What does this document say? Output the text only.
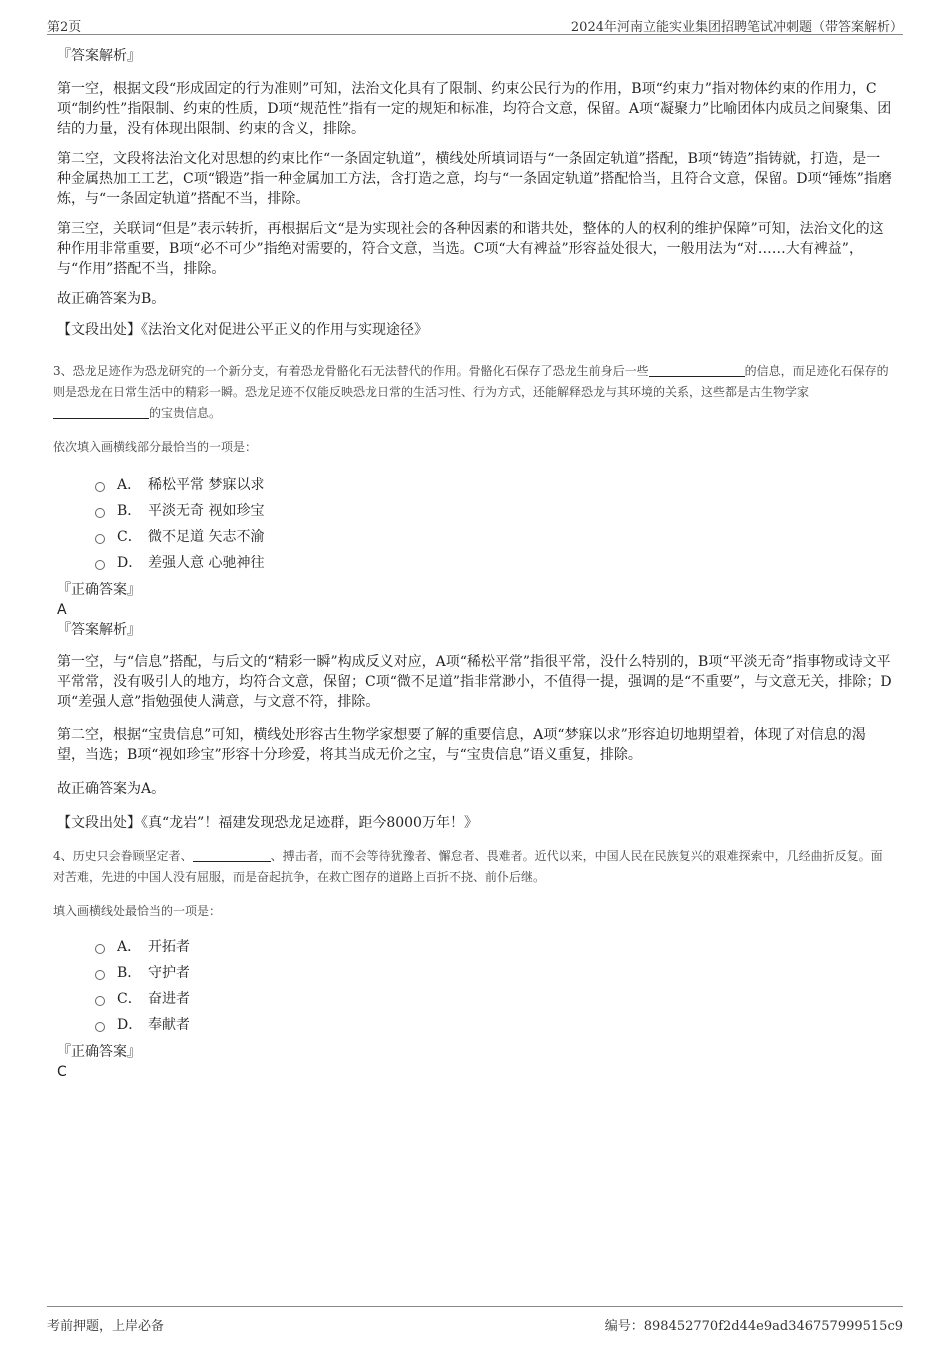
第2页	2024年河南立能实业集团招聘笔试冲刺题（带答案解析）

『答案解析』

第一空，根据文段“形成固定的行为准则”可知，法治文化具有了限制、约束公民行为的作用，B项“约束力”指对物体约束的作用力，C项“制约性”指限制、约束的性质，D项“规范性”指有一定的规矩和标准，均符合文意，保留。A项“凝聚力”比喻团体内成员之间聚集、团结的力量，没有体现出限制、约束的含义，排除。

第二空，文段将法治文化对思想的约束比作“一条固定轨道”，横线处所填词语与“一条固定轨道”搭配，B项“铸造”指铸就，打造，是一种金属热加工工艺，C项“锻造”指一种金属加工方法，含打造之意，均与“一条固定轨道”搭配恰当，且符合文意，保留。D项“锤炼”指磨炼，与“一条固定轨道”搭配不当，排除。

第三空，关联词“但是”表示转折，再根据后文“是为实现社会的各种因素的和谐共处，整体的人的权利的维护保障”可知，法治文化的这种作用非常重要，B项“必不可少”指绝对需要的，符合文意，当选。C项“大有裨益”形容益处很大，一般用法为“对……大有裨益”，与“作用”搭配不当，排除。

故正确答案为B。

【文段出处】《法治文化对促进公平正义的作用与实现途径》

3、恐龙足迹作为恐龙研究的一个新分支，有着恐龙骨骼化石无法替代的作用。骨骼化石保存了恐龙生前身后一些	的信息，而足迹化石保存的则是恐龙在日常生活中的精彩一瞬。恐龙足迹不仅能反映恐龙日常的生活习性、行为方式，还能解释恐龙与其环境的关系，这些都是古生物学家的宝贵信息。

依次填入画横线部分最恰当的一项是：

A． 稀松平常 梦寐以求
B． 平淡无奇 视如珍宝
C． 微不足道 矢志不渝
D． 差强人意 心驰神往

『正确答案』

A

『答案解析』

第一空，与“信息”搭配，与后文的“精彩一瞬”构成反义对应，A项“稀松平常”指很平常，没什么特别的，B项“平淡无奇”指事物或诗文平平常常，没有吸引人的地方，均符合文意，保留；C项“微不足道”指非常渺小，不值得一提，强调的是“不重要”，与文意无关，排除；D项“差强人意”指勉强使人满意，与文意不符，排除。

第二空，根据“宝贵信息”可知，横线处形容古生物学家想要了解的重要信息，A项“梦寐以求”形容迫切地期望着，体现了对信息的渴望，当选；B项“视如珍宝”形容十分珍爱，将其当成无价之宝，与“宝贵信息”语义重复，排除。

故正确答案为A。

【文段出处】《真“龙岩”！福建发现恐龙足迹群，距今8000万年！》

4、历史只会眷顾坚定者、	、搏击者，而不会等待犹豫者、懈怠者、畏难者。近代以来，中国人民在民族复兴的艰难探索中，几经曲折反复。面对苦难，先进的中国人没有屈服，而是奋起抗争，在救亡图存的道路上百折不挠、前仆后继。

填入画横线处最恰当的一项是：

A． 开拓者
B． 守护者
C． 奋进者
D． 奉献者

『正确答案』

C

考前押题，上岸必备	编号：898452770f2d44e9ad346757999515c9
